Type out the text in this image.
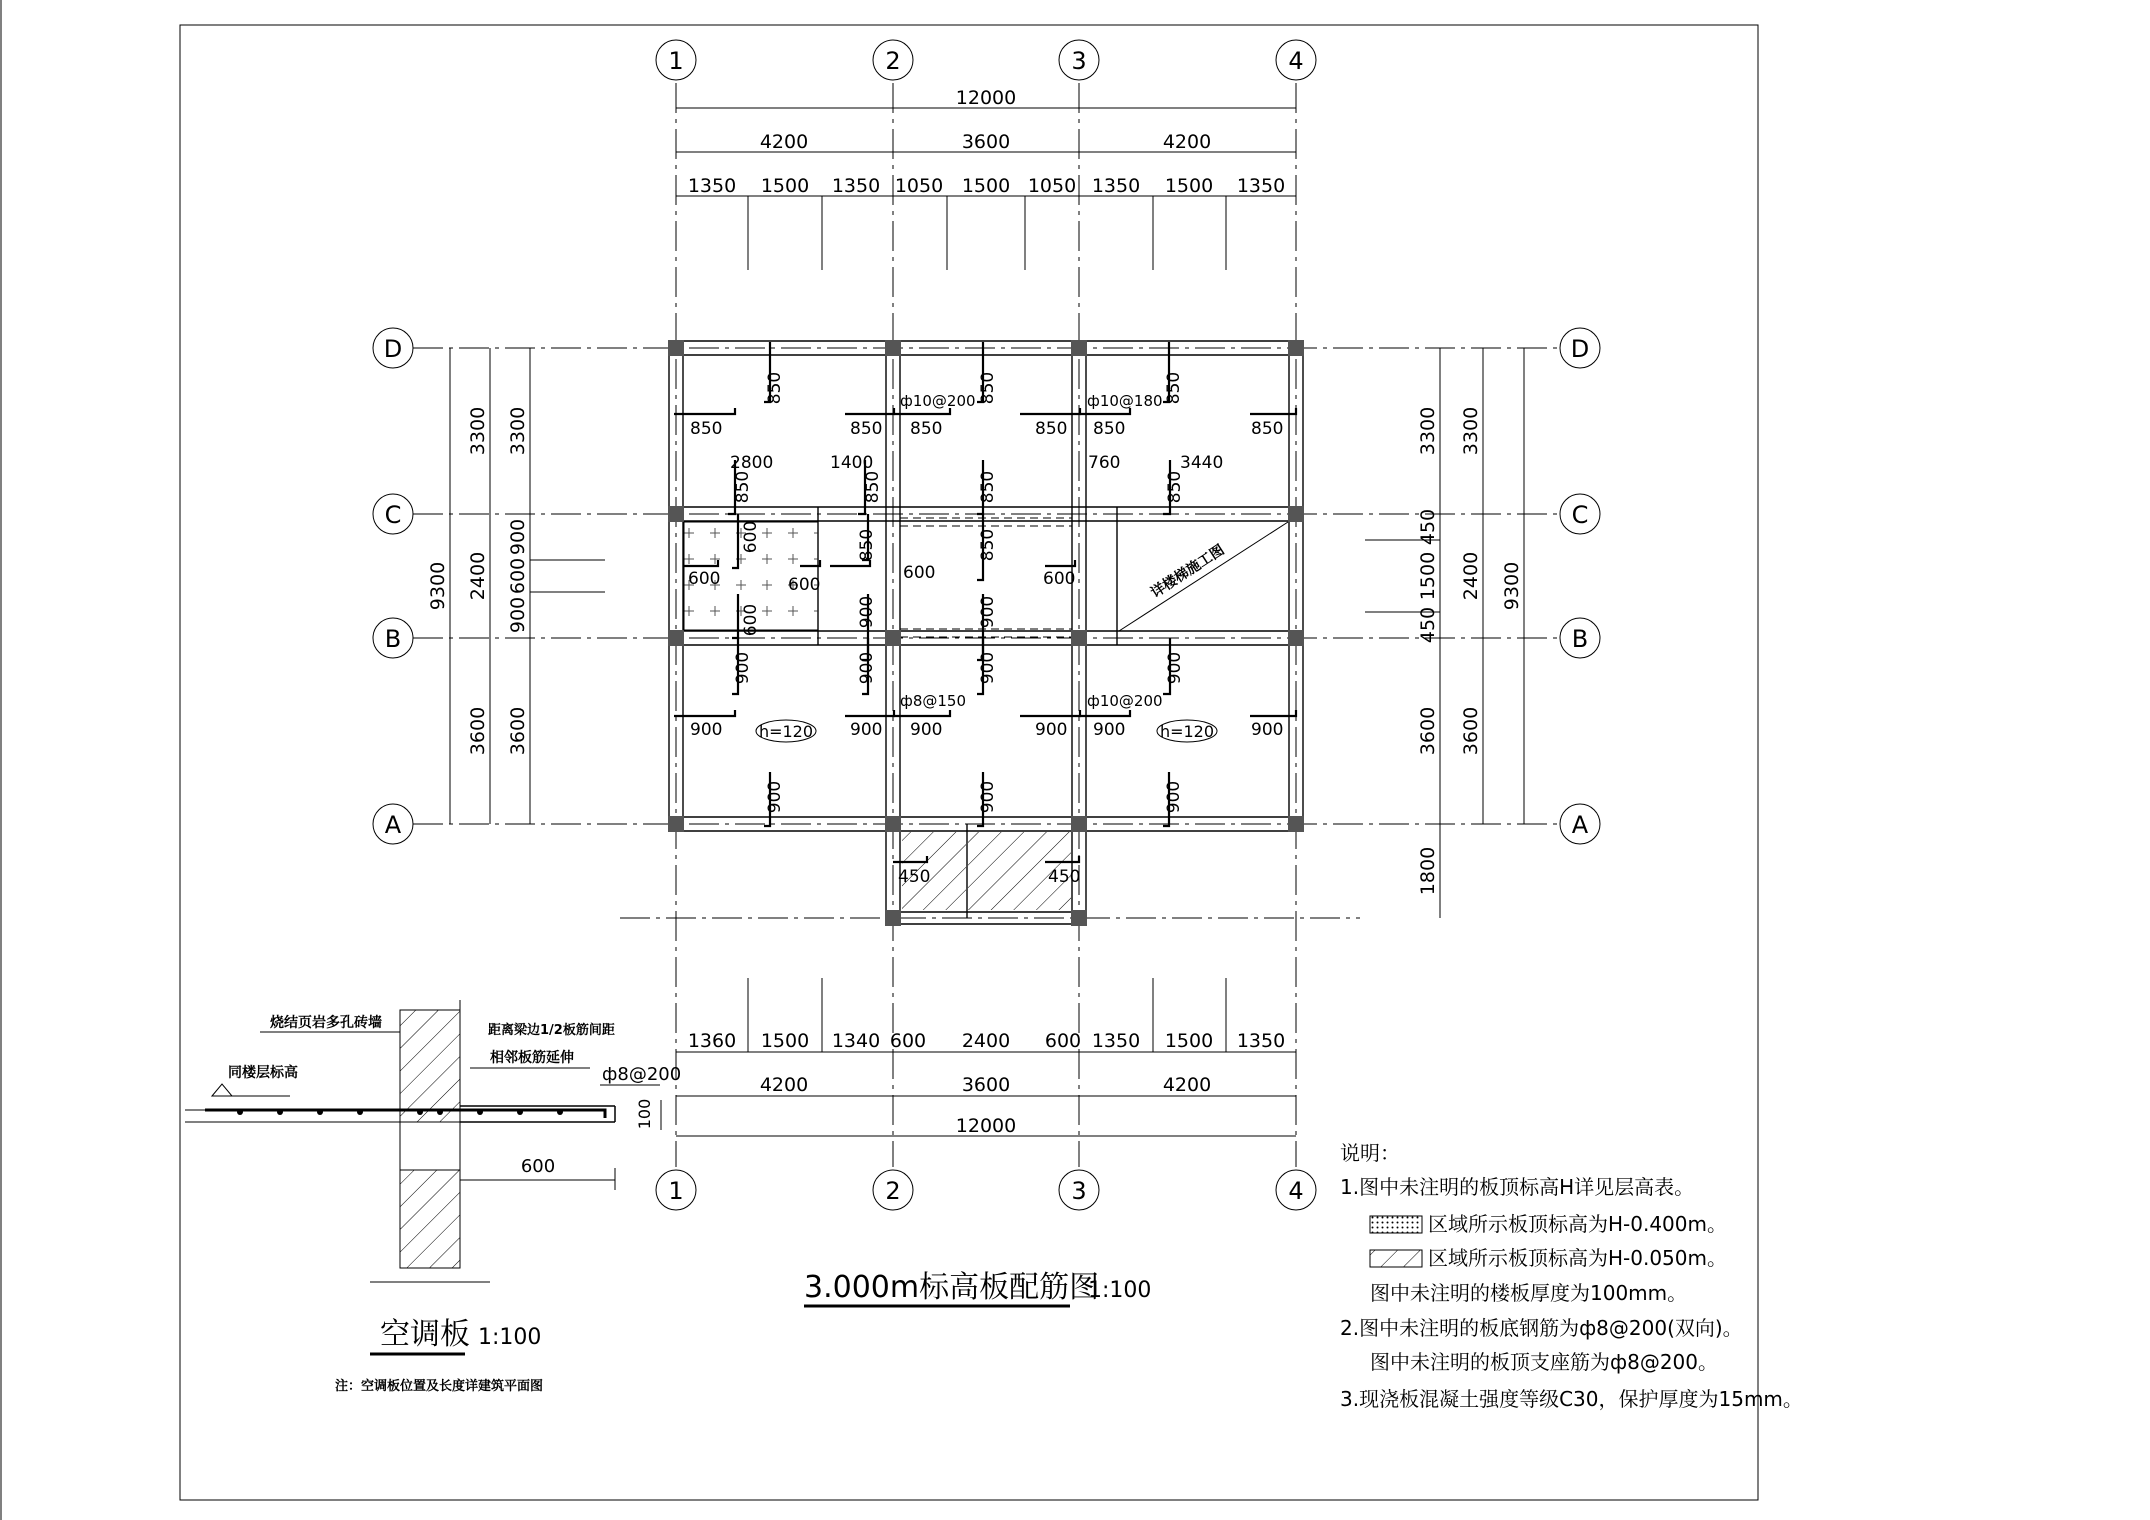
详楼梯施工图
850	850	850
ф10@200	ф10@180
850	850 850	850 850	850
2800	1400	760	3440
850	850	850	850
600	850	850
600	600
600	600
600	900	900
900	900	900	900
ф8@150	ф10@200
900	900 900	900 900	900
900	900	900
450	450
h=120	h=120
12000
4200	3600	4200
1350 1500 1350 1050 1500 1050 1350 1500 1350
1360 1500 1340 600 2400 600 1350 1500 1350
4200	3600	4200
12000
9300
3300
2400
3600
3300
900
600
900
3600
1800
3300
450
1500
450
3600
3300
2400
3600
9300
1	2	3	4
1	2	3	4
D
C
B
A
D
C
B
A
3.000m标高板配筋图
1:100
烧结页岩多孔砖墙	距离梁边1/2板筋间距
相邻板筋延伸
同楼层标高	ф8@200
100
600
空调板 1:100
注：空调板位置及长度详建筑平面图
说明：
1.图中未注明的板顶标高H详见层高表。
区域所示板顶标高为H-0.400m。
区域所示板顶标高为H-0.050m。
图中未注明的楼板厚度为100mm。
2.图中未注明的板底钢筋为ф8@200(双向)。
图中未注明的板顶支座筋为ф8@200。
3.现浇板混凝土强度等级C30，保护厚度为15mm。
